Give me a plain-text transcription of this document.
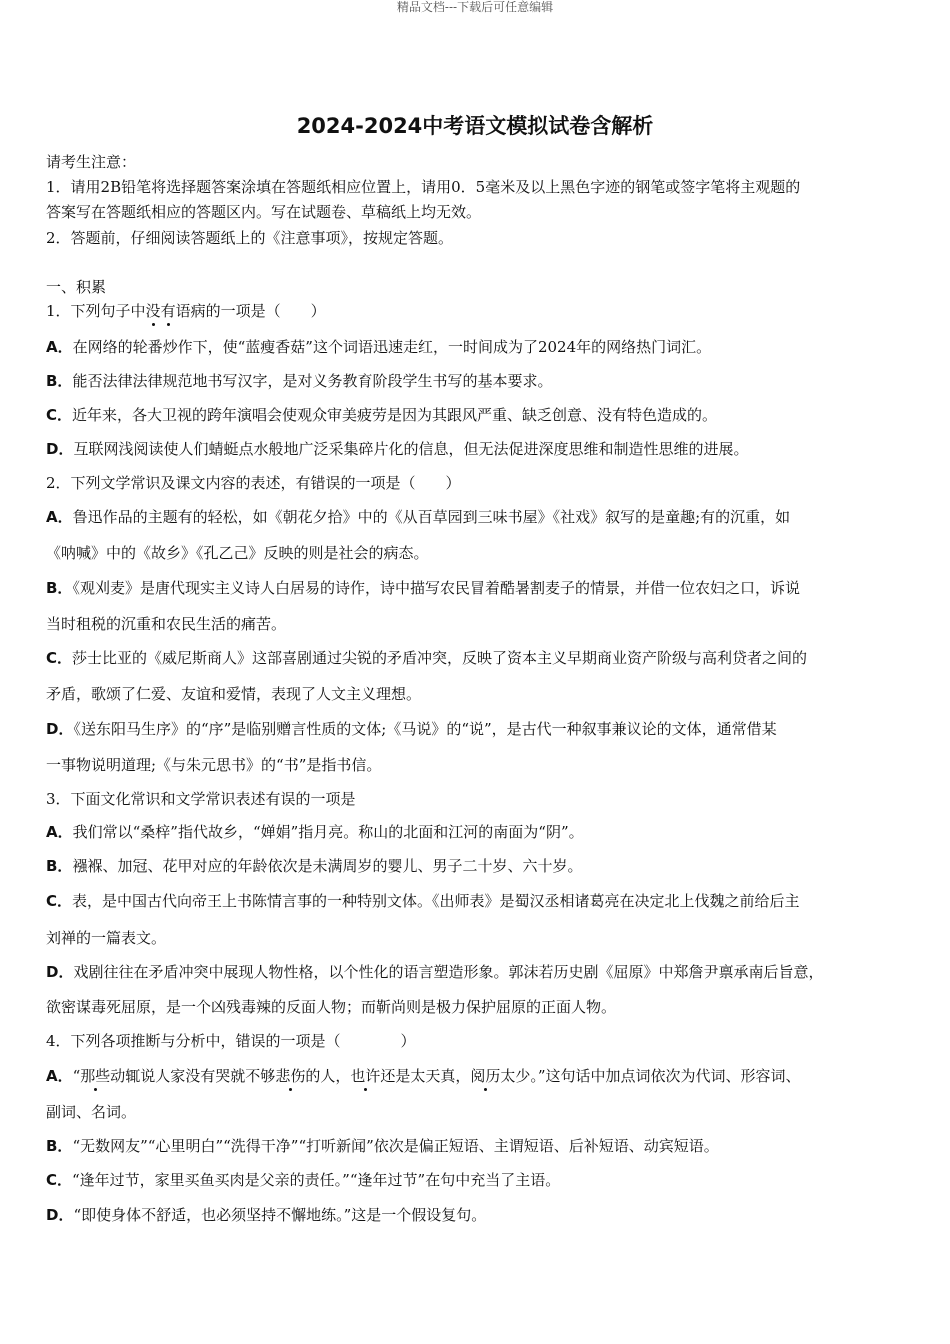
精品文档---下载后可任意编辑
2024-2024中考语文模拟试卷含解析
请考生注意：
1．请用2B铅笔将选择题答案涂填在答题纸相应位置上，请用0．5毫米及以上黑色字迹的钢笔或签字笔将主观题的
答案写在答题纸相应的答题区内。写在试题卷、草稿纸上均无效。
2．答题前，仔细阅读答题纸上的《注意事项》，按规定答题。
一、积累
1．下列句子中没有语病的一项是（　　）
A．在网络的轮番炒作下，使“蓝瘦香菇”这个词语迅速走红，一时间成为了2024年的网络热门词汇。
B．能否法律法律规范地书写汉字，是对义务教育阶段学生书写的基本要求。
C．近年来，各大卫视的跨年演唱会使观众审美疲劳是因为其跟风严重、缺乏创意、没有特色造成的。
D．互联网浅阅读使人们蜻蜓点水般地广泛采集碎片化的信息，但无法促进深度思维和制造性思维的进展。
2．下列文学常识及课文内容的表述，有错误的一项是（　　）
A．鲁迅作品的主题有的轻松，如《朝花夕拾》中的《从百草园到三味书屋》《社戏》叙写的是童趣;有的沉重，如
《呐喊》中的《故乡》《孔乙己》反映的则是社会的病态。
B．《观刈麦》是唐代现实主义诗人白居易的诗作，诗中描写农民冒着酷暑割麦子的情景，并借一位农妇之口，诉说
当时租税的沉重和农民生活的痛苦。
C．莎士比亚的《威尼斯商人》这部喜剧通过尖锐的矛盾冲突，反映了资本主义早期商业资产阶级与高利贷者之间的
矛盾，歌颂了仁爱、友谊和爱情，表现了人文主义理想。
D．《送东阳马生序》的“序”是临别赠言性质的文体;《马说》的“说”，是古代一种叙事兼议论的文体，通常借某
一事物说明道理;《与朱元思书》的“书”是指书信。
3．下面文化常识和文学常识表述有误的一项是
A．我们常以“桑梓”指代故乡，“婵娟”指月亮。称山的北面和江河的南面为“阴”。
B．襁褓、加冠、花甲对应的年龄依次是未满周岁的婴儿、男子二十岁、六十岁。
C．表，是中国古代向帝王上书陈情言事的一种特别文体。《出师表》是蜀汉丞相诸葛亮在决定北上伐魏之前给后主
刘禅的一篇表文。
D．戏剧往往在矛盾冲突中展现人物性格，以个性化的语言塑造形象。郭沫若历史剧《屈原》中郑詹尹禀承南后旨意，
欲密谋毒死屈原，是一个凶残毒辣的反面人物；而靳尚则是极力保护屈原的正面人物。
4．下列各项推断与分析中，错误的一项是（　　　　）
A．“那些动辄说人家没有哭就不够悲伤的人，也许还是太天真，阅历太少。”这句话中加点词依次为代词、形容词、
副词、名词。
B．“无数网友”“心里明白”“洗得干净”“打听新闻”依次是偏正短语、主谓短语、后补短语、动宾短语。
C．“逢年过节，家里买鱼买肉是父亲的责任。”“逢年过节”在句中充当了主语。
D．“即使身体不舒适，也必须坚持不懈地练。”这是一个假设复句。
